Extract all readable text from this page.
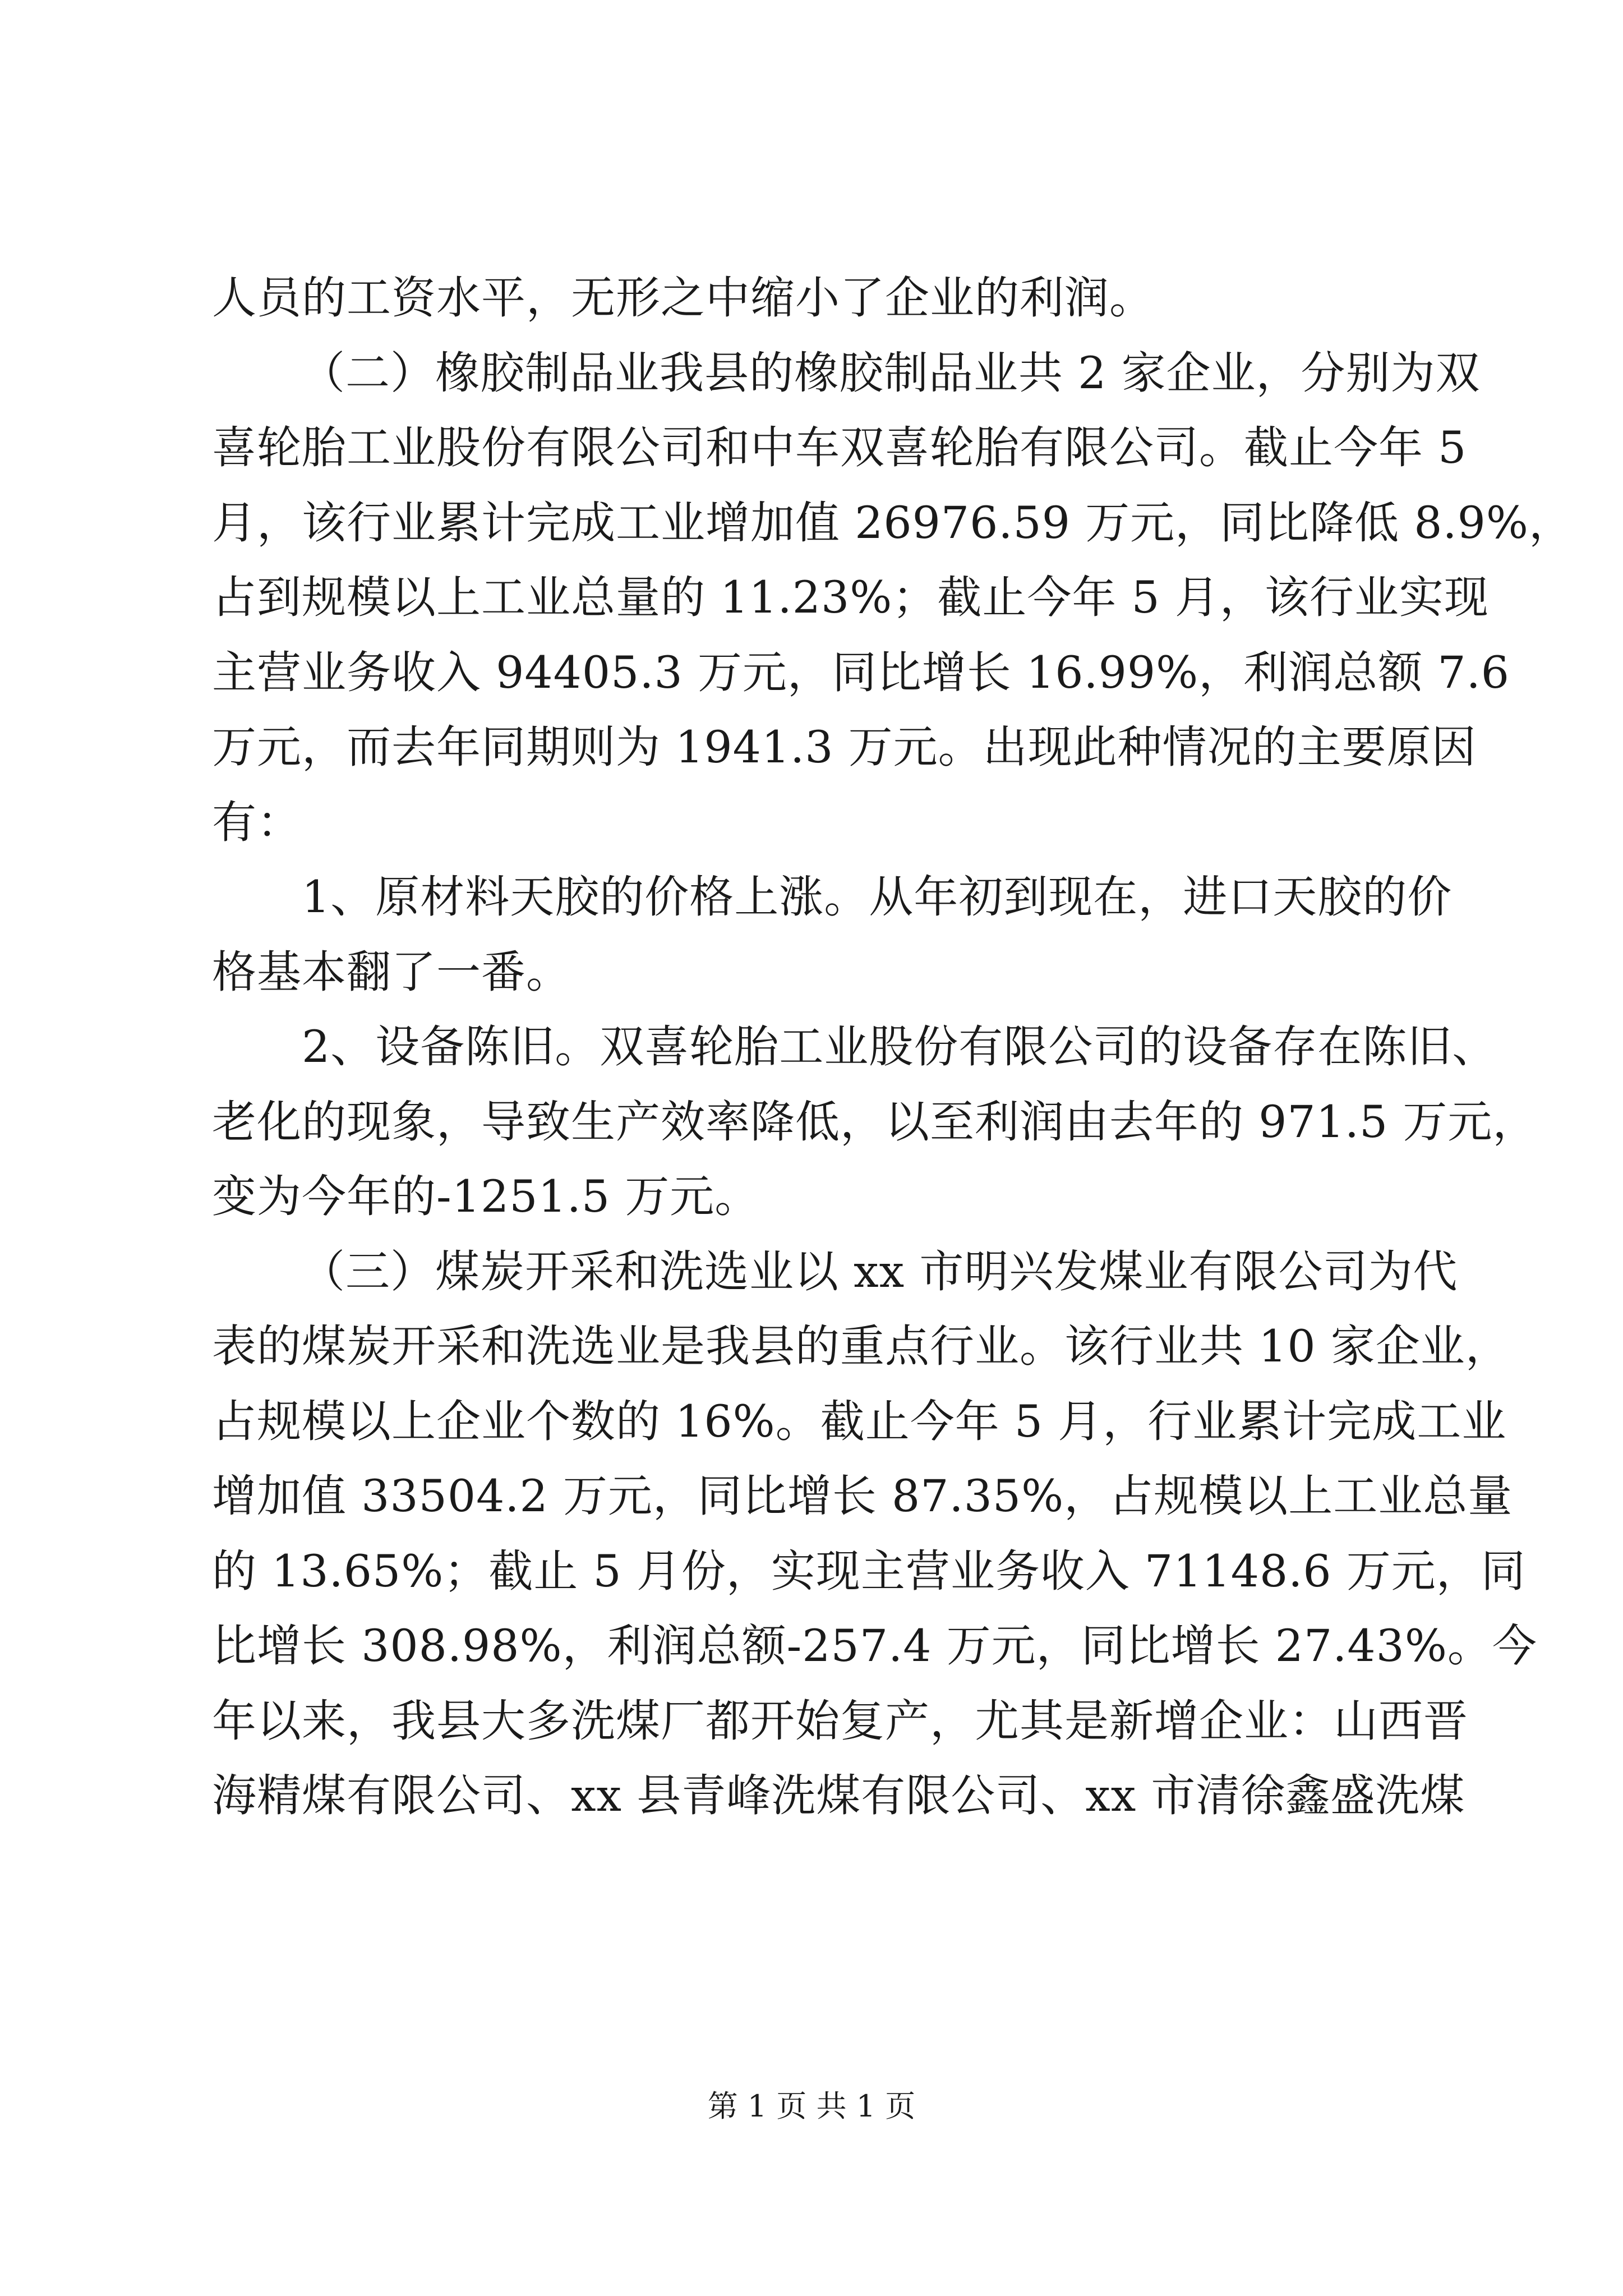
人员的工资水平，无形之中缩小了企业的利润。
（二）橡胶制品业我县的橡胶制品业共 2 家企业，分别为双
喜轮胎工业股份有限公司和中车双喜轮胎有限公司。截止今年 5
月，该行业累计完成工业增加值 26976.59 万元，同比降低 8.9%，
占到规模以上工业总量的 11.23%；截止今年 5 月，该行业实现
主营业务收入 94405.3 万元，同比增长 16.99%，利润总额 7.6
万元，而去年同期则为 1941.3 万元。出现此种情况的主要原因
有：
1、原材料天胶的价格上涨。从年初到现在，进口天胶的价
格基本翻了一番。
2、设备陈旧。双喜轮胎工业股份有限公司的设备存在陈旧、
老化的现象，导致生产效率降低，以至利润由去年的 971.5 万元，
变为今年的-1251.5 万元。
（三）煤炭开采和洗选业以 xx 市明兴发煤业有限公司为代
表的煤炭开采和洗选业是我县的重点行业。该行业共 10 家企业，
占规模以上企业个数的 16%。截止今年 5 月，行业累计完成工业
增加值 33504.2 万元，同比增长 87.35%，占规模以上工业总量
的 13.65%；截止 5 月份，实现主营业务收入 71148.6 万元，同
比增长 308.98%，利润总额-257.4 万元，同比增长 27.43%。今
年以来，我县大多洗煤厂都开始复产，尤其是新增企业：山西晋
海精煤有限公司、xx 县青峰洗煤有限公司、xx 市清徐鑫盛洗煤
第 1 页 共 1 页
